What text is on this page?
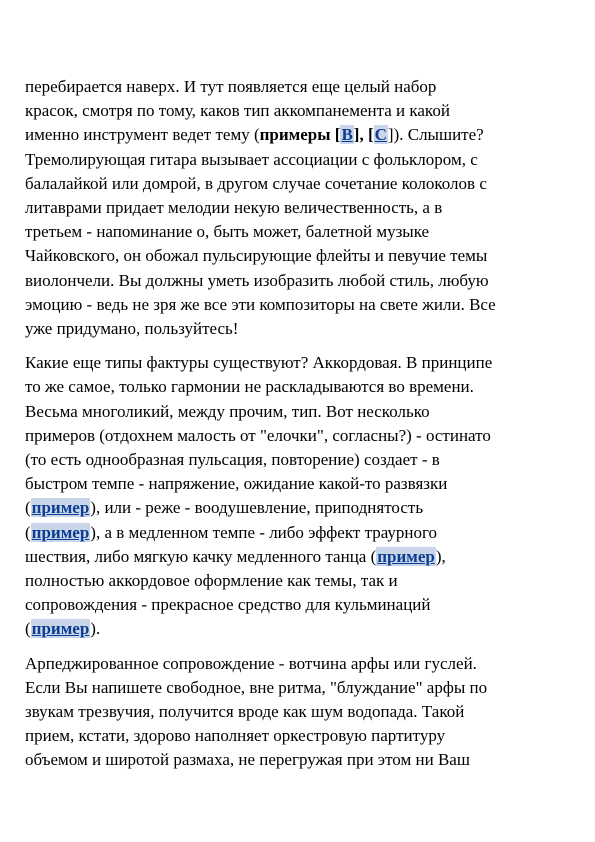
перебирается наверх. И тут появляется еще целый набор
красок, смотря по тому, каков тип аккомпанемента и какой
именно инструмент ведет тему (примеры [B], [C]). Слышите?
Тремолирующая гитара вызывает ассоциации с фольклором, с
балалайкой или домрой, в другом случае сочетание колоколов с
литаврами придает мелодии некую величественность, а в
третьем - напоминание о, быть может, балетной музыке
Чайковского, он обожал пульсирующие флейты и певучие темы
виолончели. Вы должны уметь изобразить любой стиль, любую
эмоцию - ведь не зря же все эти композиторы на свете жили. Все
уже придумано, пользуйтесь!
Какие еще типы фактуры существуют? Аккордовая. В принципе
то же самое, только гармонии не раскладываются во времени.
Весьма многоликий, между прочим, тип. Вот несколько
примеров (отдохнем малость от "елочки", согласны?) - остинато
(то есть однообразная пульсация, повторение) создает - в
быстром темпе - напряжение, ожидание какой-то развязки
(пример), или - реже - воодушевление, приподнятость
(пример), а в медленном темпе - либо эффект траурного
шествия, либо мягкую качку медленного танца (пример),
полностью аккордовое оформление как темы, так и
сопровождения - прекрасное средство для кульминаций
(пример).
Арпеджированное сопровождение - вотчина арфы или гуслей.
Если Вы напишете свободное, вне ритма, "блуждание" арфы по
звукам трезвучия, получится вроде как шум водопада. Такой
прием, кстати, здорово наполняет оркестровую партитуру
объемом и широтой размаха, не перегружая при этом ни Ваш
